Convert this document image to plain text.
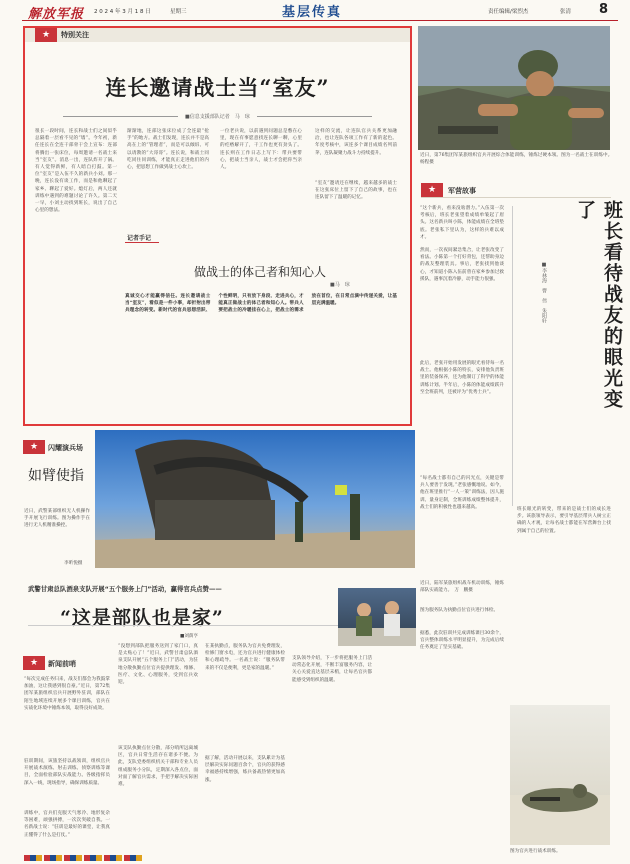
解放军报 2 0 2 4 年 3 月 1 8 日	星期三	基层传真	责任编辑/梁烈杰	张清 8
★	特别关注
连长邀请战士当“室友”
■信息支援部队记者　马　琼
很长一段时间，连长和战士们之间似乎总隔着一层看不见的“墙”。今年初，新任连长在全连干部骨干会上宣布：连部将腾出一张床位，每周邀请一名战士来当“室友”。消息一出，连队炸开了锅。有人觉得新鲜，有人暗自打鼓。第一位“室友”是入伍不久的新兵小刘。那一晚，连长没有谈工作，而是和他聊起了家乡、聊起了爱好。熄灯后，两人还就训练中遇到的难题讨论了许久。第二天一早，小刘主动找到班长，说出了自己心里的想法。
渐渐地，连部这张床位成了全连最“抢手”的地方。战士们发现，连长并不是高高在上的“管理者”，而是可以倾诉、可以请教的“大哥哥”。连长说，和战士同吃同住同训练，才能真正走进他们的内心，把思想工作做到战士心坎上。
一位老兵说，以前遇到问题总是憋在心里，现在有事愿意找连长聊一聊，心里的疙瘩解开了，干工作也更有劲头了。连长则在工作日志上写下：带兵要带心，把战士当亲人，战士才会把你当亲人。
这样的交流，让连队官兵关系更加融洽，也让连队各项工作有了新的起色。年度考核中，该连多个课目成绩名列前茅，连队凝聚力战斗力持续提升。
“室友”邀请还在继续，越来越多的战士在这张床位上留下了自己的故事，也在连队留下了温暖的记忆。
记者手记
做战士的体己者和知心人
■马　琼
真诚交心才能赢得信任。连长邀请战士当“室友”，看似是一件小事，却折射出带兵理念的转变。新时代的官兵思想活跃、个性鲜明，只有放下身段、走进兵心，才能真正做战士的体己者和知心人。带兵人要把战士的冷暖挂在心上，把战士的需求放在首位，在日常点滴中传递关爱，让基层充满温暖。
近日，第76集团军某旅组织官兵开展综合体能训练，锤炼过硬本领。图为一名战士在训练中。　杨程摄
★	军营故事
“这个新兵，看来没啥潜力。”入伍第一次考核后，班长老张望着成绩单皱起了眉头。这名新兵叫小陈，体能成绩在全班垫底。老张私下里认为，这样的兵难以成才。
然而，一次夜间紧急集合，让老张改变了看法。小陈第一个打好背包，还帮助身边的战友整理装具。事后，老张找到他谈心，才知道小陈入伍前曾在家乡参加过救援队，遇事沉着冷静，动手能力很强。
此后，老张开始用发展的眼光看待每一名战士。他根据小陈的特长，安排他负责班里的装备保养，还为他制订了科学的体能训练计划。半年后，小陈的体能成绩跃升至全班前列，还被评为“优秀士兵”。
“每名战士都有自己的闪光点，关键是带兵人要善于发现。”老张感慨地说。如今，他在班里推行“一人一策”训练法，因人施训、量身定制，全班训练成绩整体提升，战士们的积极性也越来越高。
班长看待战友的眼光变了
■李林海　曹　伟　朱阳轩
班长眼光的转变，带来的是战士们的成长进步。该旅领导表示，要引导基层带兵人树立正确的人才观，让每名战士都能在军营舞台上找到属于自己的位置。
近日，陆军某旅组织战车机动训练，锤炼部队实战能力。　万　鹏摄
★	闪耀演兵场
如臂使指
近日，武警某部组织无人机操作手开展飞行训练。图为操作手在进行无人机精准操控。
李昕悦摄
武警甘肃总队酒泉支队开展“五个服务上门”活动，赢得官兵点赞——
“这是部队也是家”
■刘荫亨
图为服务队为执勤点位官兵进行体检。
“没想到部队把服务送到了家门口，真是太贴心了！”近日，武警甘肃总队酒泉支队开展“五个服务上门”活动，为驻地分散执勤点位官兵提供理发、维修、医疗、文化、心理服务，受到官兵欢迎。
该支队执勤点位分散，部分哨所远离城区，官兵日常生活存在诸多不便。为此，支队党委组织机关干部和专业人员组成服务小分队，定期深入各点位，面对面了解官兵需求，手把手解决实际困难。
在某执勤点，服务队为官兵免费理发，检修门窗水电，还为官兵进行健康体检和心理疏导。一名战士说：“服务队带来的不仅是便利，更是家的温暖。”
据了解，活动开展以来，支队累计为基层解决实际问题百余个，官兵的获得感幸福感持续增强，练兵备战热情更加高涨。
支队领导介绍，下一步将把服务上门活动常态化开展，不断丰富服务内容，让关心关爱直达基层末梢，让每名官兵都能感受到组织的温暖。
★	新闻前哨
“每次完成任务归来，战友们都会为我鼓掌加油，这让我感到很自豪。”近日，第72集团军某旅组织官兵开展野外驻训，部队在陌生地域连续开展多个课目训练，官兵在实战化环境中锤炼本领，取得良好成效。
驻训期间，该旅坚持以战领训，组织官兵开展战术演练、射击训练、侦察训练等课目，全面检验部队实战能力。各级指挥员深入一线，现场指导，确保训练质量。
训练中，官兵们克服天气寒冷、地形复杂等困难，顽强拼搏，一次次突破自我。一名新战士说：“驻训是最好的课堂，让我真正懂得了什么是打仗。”
据悉，此次驻训共完成训练课目30余个，官兵整体训练水平明显提升，为完成后续任务奠定了坚实基础。
图为官兵进行战术训练。
